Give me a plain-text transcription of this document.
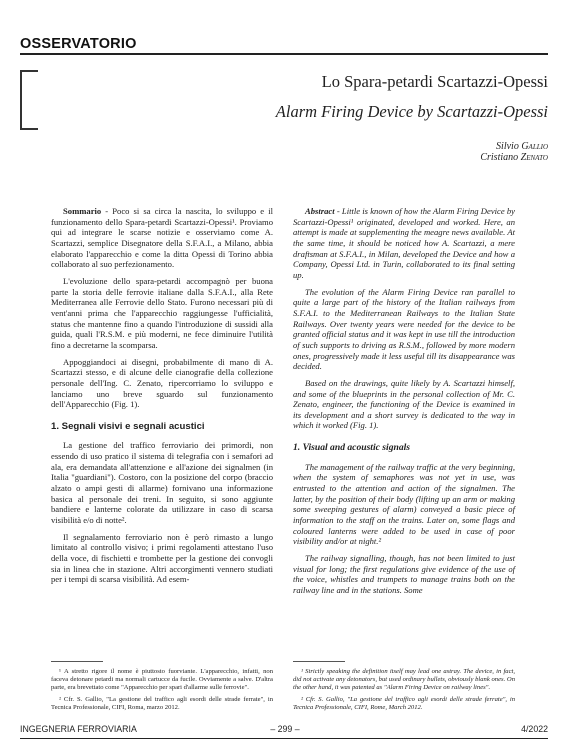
OSSERVATORIO
Lo Spara-petardi Scartazzi-Opessi
Alarm Firing Device by Scartazzi-Opessi
Silvio Gallio
Cristiano Zenato

Sommario - Poco si sa circa la nascita, lo sviluppo e il funzionamento dello Spara-petardi Scartazzi-Opessi¹. Proviamo qui ad integrare le scarse notizie e osserviamo come A. Scartazzi, semplice Disegnatore della S.F.A.I., a Milano, abbia elaborato l'apparecchio e come la ditta Opessi di Torino abbia collaborato al suo perfezionamento.

L'evoluzione dello spara-petardi accompagnò per buona parte la storia delle ferrovie italiane dalla S.F.A.I., alla Rete Mediterranea alle Ferrovie dello Stato. Furono necessari più di vent'anni prima che l'apparecchio raggiungesse l'ufficialità, status che mantenne fino a quando l'introduzione di sussidi alla guida, quali l'R.S.M. e più moderni, ne fece diminuire l'utilità fino a decretarne la scomparsa.

Appoggiandoci ai disegni, probabilmente di mano di A. Scartazzi stesso, e di alcune delle cianografie della collezione personale dell'Ing. C. Zenato, ripercorriamo lo sviluppo e lanciamo uno breve sguardo sul funzionamento dell'Apparecchio (Fig. 1).

1. Segnali visivi e segnali acustici

La gestione del traffico ferroviario dei primordi, non essendo di uso pratico il sistema di telegrafia con i semafori ad ala, era demandata all'attenzione e all'azione dei signalmen (in Italia "guardiani"). Costoro, con la posizione del corpo (braccio alzato o ampi gesti di allarme) fornivano una informazione basica al personale dei treni. In seguito, si sono aggiunte bandiere e lanterne colorate da utilizzare in caso di scarsa visibilità e/o di notte².

Il segnalamento ferroviario non è però rimasto a lungo limitato al controllo visivo; i primi regolamenti attestano l'uso della voce, di fischietti e trombette per la gestione dei convogli sia in linea che in stazione. Altri accorgimenti vennero studiati per i tempi di scarsa visibilità. Ad esem-

Abstract - Little is known of how the Alarm Firing Device by Scartazzi-Opessi¹ originated, developed and worked. Here, an attempt is made at supplementing the meagre news available. At the same time, it should be noticed how A. Scartazzi, a mere draftsman at S.F.A.I., in Milan, developed the Device and how a Company, Opessi Ltd. in Turin, collaborated to its final setting up.

The evolution of the Alarm Firing Device ran parallel to quite a large part of the history of the Italian railways from S.F.A.I. to the Mediterranean Railways to the Italian State Railways. Over twenty years were needed for the device to be granted official status and it was kept in use till the introduction of such supports to driving as R.S.M., followed by more modern ones, progressively made it less useful till its disappearance was decided.

Based on the drawings, quite likely by A. Scartazzi himself, and some of the blueprints in the personal collection of Mr. C. Zenato, engineer, the functioning of the Device is examined in its development and a short survey is dedicated to the way in which it worked (Fig. 1).

1. Visual and acoustic signals

The management of the railway traffic at the very beginning, when the system of semaphores was not yet in use, was entrusted to the attention and action of the signalmen. The latter, by the position of their body (lifting up an arm or making some sweeping gestures of alarm) conveyed a basic piece of information to the staff on the trains. Later on, some flags and coloured lanterns were added to be used in case of poor visibility and/or at night.²

The railway signalling, though, has not been limited to just visual for long; the first regulations give evidence of the use of the voice, whistles and trumpets to manage trains both on the railway line and in the stations. Some

¹ A stretto rigore il nome è piuttosto fuorviante. L'apparecchio, infatti, non faceva detonare petardi ma normali cartucce da fucile. Ovviamente a salve. D'altra parte, era brevettato come "Apparecchio per spari d'allarme sulle ferrovie".

² Cfr. S. Gallio, "La gestione del traffico agli esordi delle strade ferrate", in Tecnica Professionale, CIFI, Roma, marzo 2012.

¹ Strictly speaking the definition itself may lead one astray. The device, in fact, did not activate any detonators, but used ordinary bullets, obviously blank ones. On the other hand, it was patented as "Alarm Firing Device on railway lines".

² Cfr. S. Gallio, "La gestione del traffico agli esordi delle strade ferrate", in Tecnica Professionale, CIFI, Rome, March 2012.

INGEGNERIA FERROVIARIA	– 299 –	4/2022
